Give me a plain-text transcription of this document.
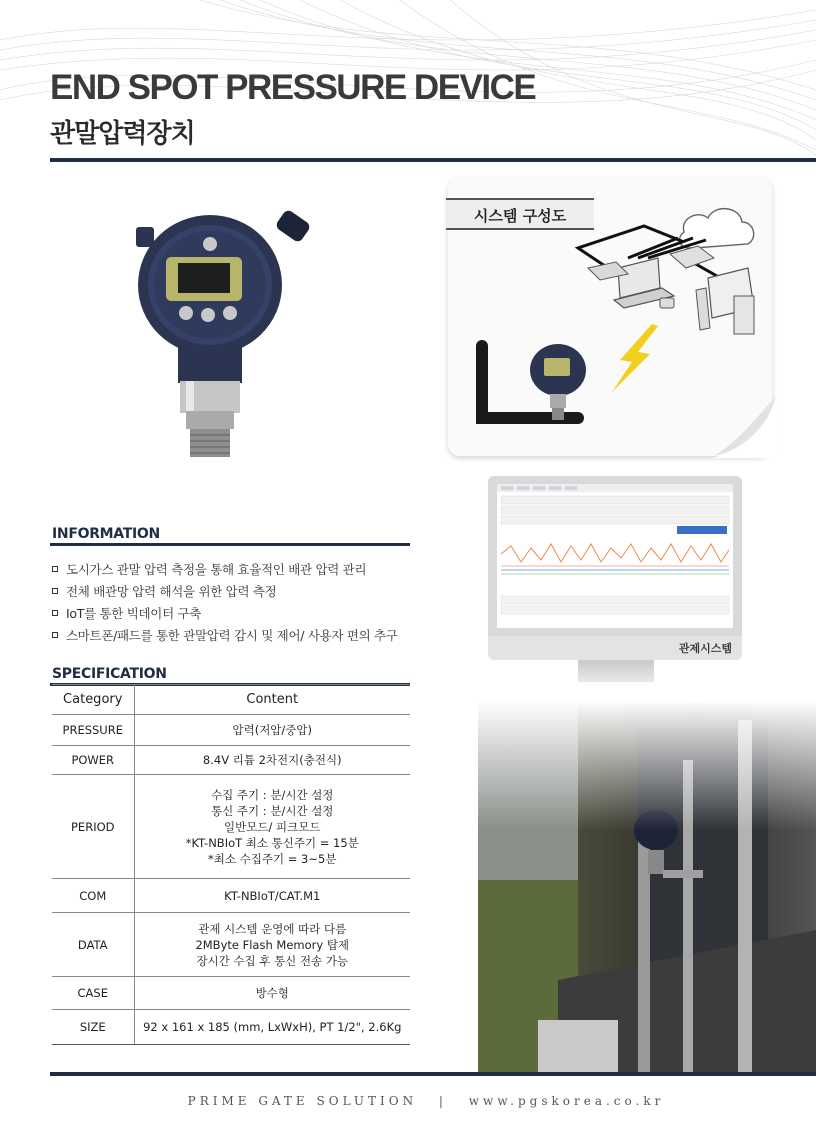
END SPOT PRESSURE DEVICE
관말압력장치
시스템 구성도
관제시스템
INFORMATION
도시가스 관말 압력 측정을 통해 효율적인 배관 압력 관리
전체 배관망 압력 해석을 위한 압력 측정
IoT를 통한 빅데이터 구축
스마트폰/패드를 통한 관말압력 감시 및 제어/ 사용자 편의 추구
SPECIFICATION
Category	Content
PRESSURE	압력(저압/중압)

POWER	8.4V 리튬 2차전지(충전식)

PERIOD	수집 주기 : 분/시간 설정
통신 주기 : 분/시간 설정
일반모드/ 피크모드
*KT-NBIoT 최소 통신주기 = 15분
*최소 수집주기 = 3~5분

COM	KT-NBIoT/CAT.M1

DATA	관제 시스템 운영에 따라 다름
2MByte Flash Memory 탑제
장시간 수집 후 통신 전송 가능

CASE	방수형

SIZE	92 x 161 x 185 (mm, LxWxH), PT 1/2", 2.6Kg
PRIME GATE SOLUTION | www.pgskorea.co.kr
